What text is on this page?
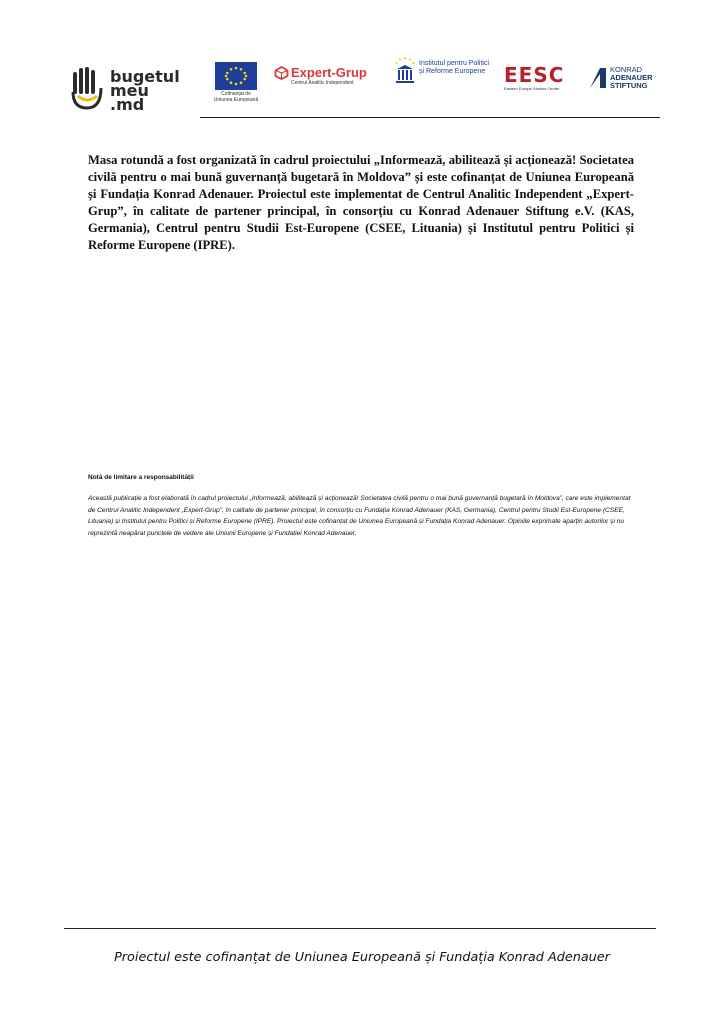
bugetul
meu
.md
Cofinanțat de Uniunea Europeană
Expert-Grup
Centrul Analitic Independent
Institutul pentru Politici și Reforme Europene EESC
Eastern Europe Studies Centre
KONRAD
ADENAUER
STIFTUNG
Masa rotundă a fost organizată în cadrul proiectului „Informează, abilitează și acționează! Societatea civilă pentru o mai bună guvernanță bugetară în Moldova” și este cofinanțat de Uniunea Europeană și Fundația Konrad Adenauer. Proiectul este implementat de Centrul Analitic Independent „Expert-Grup”, în calitate de partener principal, în consorțiu cu Konrad Adenauer Stiftung e.V. (KAS, Germania), Centrul pentru Studii Est-Europene (CSEE, Lituania) și Institutul pentru Politici și Reforme Europene (IPRE).
Notă de limitare a responsabilității
Această publicație a fost elaborată în cadrul proiectului „Informează, abilitează și acționează! Societatea civilă pentru o mai bună guvernanță bugetară în Moldova”, care este implementat de Centrul Analitic Independent „Expert-Grup”, în calitate de partener principal, în consorțiu cu Fundația Konrad Adenauer (KAS, Germania), Centrul pentru Studii Est-Europene (CSEE, Lituania) și Institutul pentru Politici și Reforme Europene (IPRE). Proiectul este cofinanțat de Uniunea Europeană și Fundația Konrad Adenauer. Opiniile exprimate aparțin autorilor și nu reprezintă neapărat punctele de vedere ale Uniunii Europene și Fundației Konrad Adenauer.
Proiectul este cofinanțat de Uniunea Europeană și Fundația Konrad Adenauer
